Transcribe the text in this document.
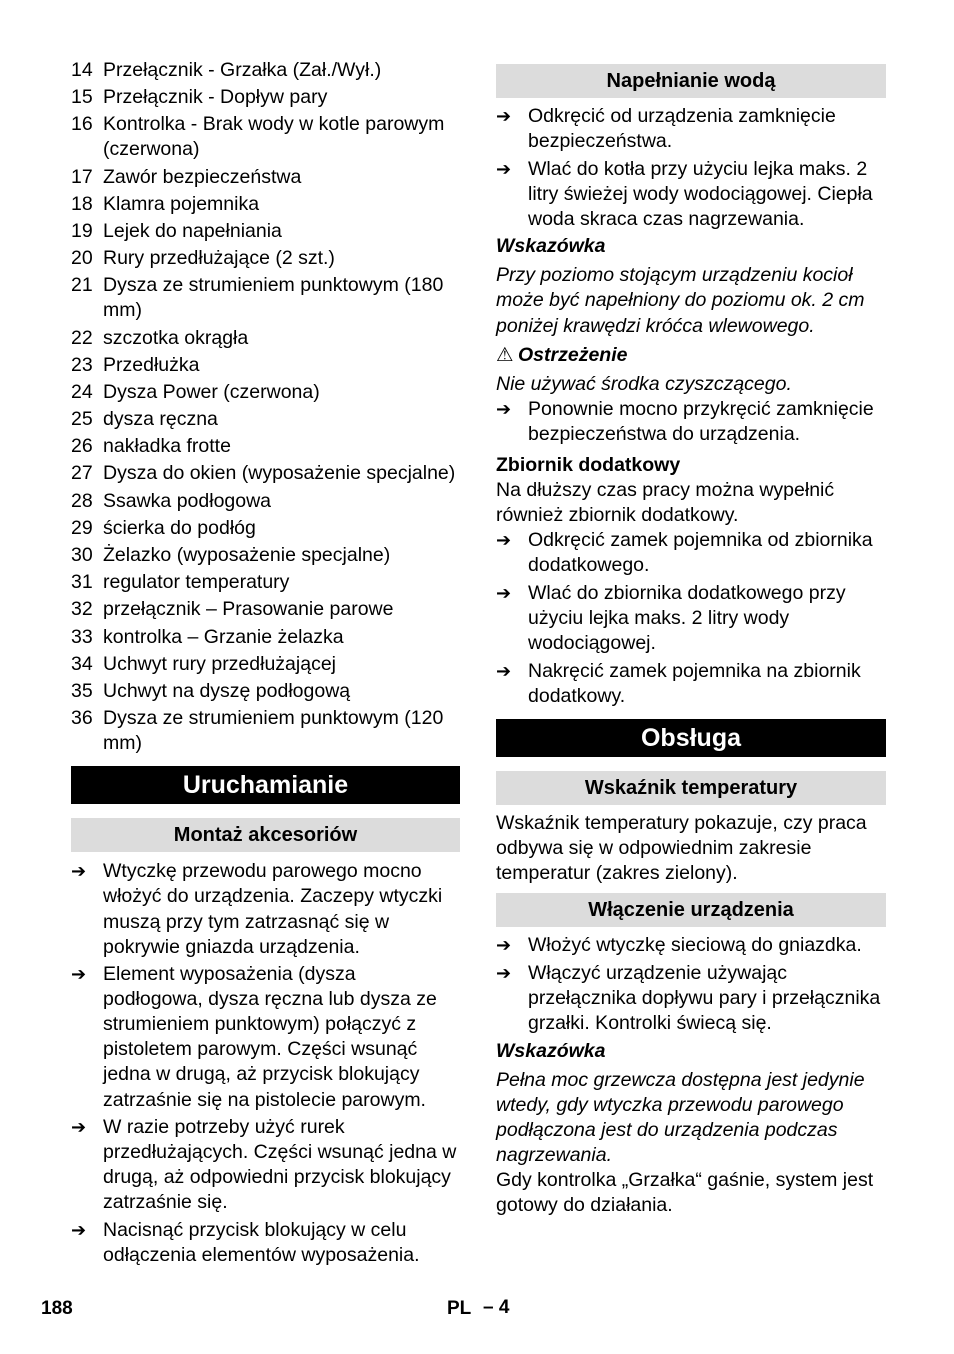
14 Przełącznik - Grzałka (Zał./Wył.)
15 Przełącznik - Dopływ pary
16 Kontrolka - Brak wody w kotle parowym (czerwona)
17 Zawór bezpieczeństwa
18 Klamra pojemnika
19 Lejek do napełniania
20 Rury przedłużające (2 szt.)
21 Dysza ze strumieniem punktowym (180 mm)
22 szczotka okrągła
23 Przedłużka
24 Dysza Power (czerwona)
25 dysza ręczna
26 nakładka frotte
27 Dysza do okien (wyposażenie specjalne)
28 Ssawka podłogowa
29 ścierka do podłóg
30 Żelazko (wyposażenie specjalne)
31 regulator temperatury
32 przełącznik – Prasowanie parowe
33 kontrolka – Grzanie żelazka
34 Uchwyt rury przedłużającej
35 Uchwyt na dyszę podłogową
36 Dysza ze strumieniem punktowym (120 mm)
Uruchamianie
Montaż akcesoriów
➔ Wtyczkę przewodu parowego mocno włożyć do urządzenia. Zaczepy wtyczki muszą przy tym zatrzasnąć się w pokrywie gniazda urządzenia.
➔ Element wyposażenia (dysza podłogowa, dysza ręczna lub dysza ze strumieniem punktowym) połączyć z pistoletem parowym. Części wsunąć jedna w drugą, aż przycisk blokujący zatrzaśnie się na pistolecie parowym.
➔ W razie potrzeby użyć rurek przedłużających. Części wsunąć jedna w drugą, aż odpowiedni przycisk blokujący zatrzaśnie się.
➔ Nacisnąć przycisk blokujący w celu odłączenia elementów wyposażenia.
Napełnianie wodą
➔ Odkręcić od urządzenia zamknięcie bezpieczeństwa.
➔ Wlać do kotła przy użyciu lejka maks. 2 litry świeżej wody wodociągowej. Ciepła woda skraca czas nagrzewania.

Wskazówka

Przy poziomo stojącym urządzeniu kocioł może być napełniony do poziomu ok. 2 cm poniżej krawędzi króćca wlewowego.

⚠ Ostrzeżenie

Nie używać środka czyszczącego.

➔ Ponownie mocno przykręcić zamknięcie bezpieczeństwa do urządzenia.

Zbiornik dodatkowy

Na dłuższy czas pracy można wypełnić również zbiornik dodatkowy.

➔ Odkręcić zamek pojemnika od zbiornika dodatkowego.
➔ Wlać do zbiornika dodatkowego przy użyciu lejka maks. 2 litry wody wodociągowej.
➔ Nakręcić zamek pojemnika na zbiornik dodatkowy.
Obsługa
Wskaźnik temperatury

Wskaźnik temperatury pokazuje, czy praca odbywa się w odpowiednim zakresie temperatur (zakres zielony).

Włączenie urządzenia
➔ Włożyć wtyczkę sieciową do gniazdka.
➔ Włączyć urządzenie używając przełącznika dopływu pary i przełącznika grzałki. Kontrolki świecą się.

Wskazówka

Pełna moc grzewcza dostępna jest jedynie wtedy, gdy wtyczka przewodu parowego podłączona jest do urządzenia podczas nagrzewania.

Gdy kontrolka „Grzałka“ gaśnie, system jest gotowy do działania.

188	PL – 4
